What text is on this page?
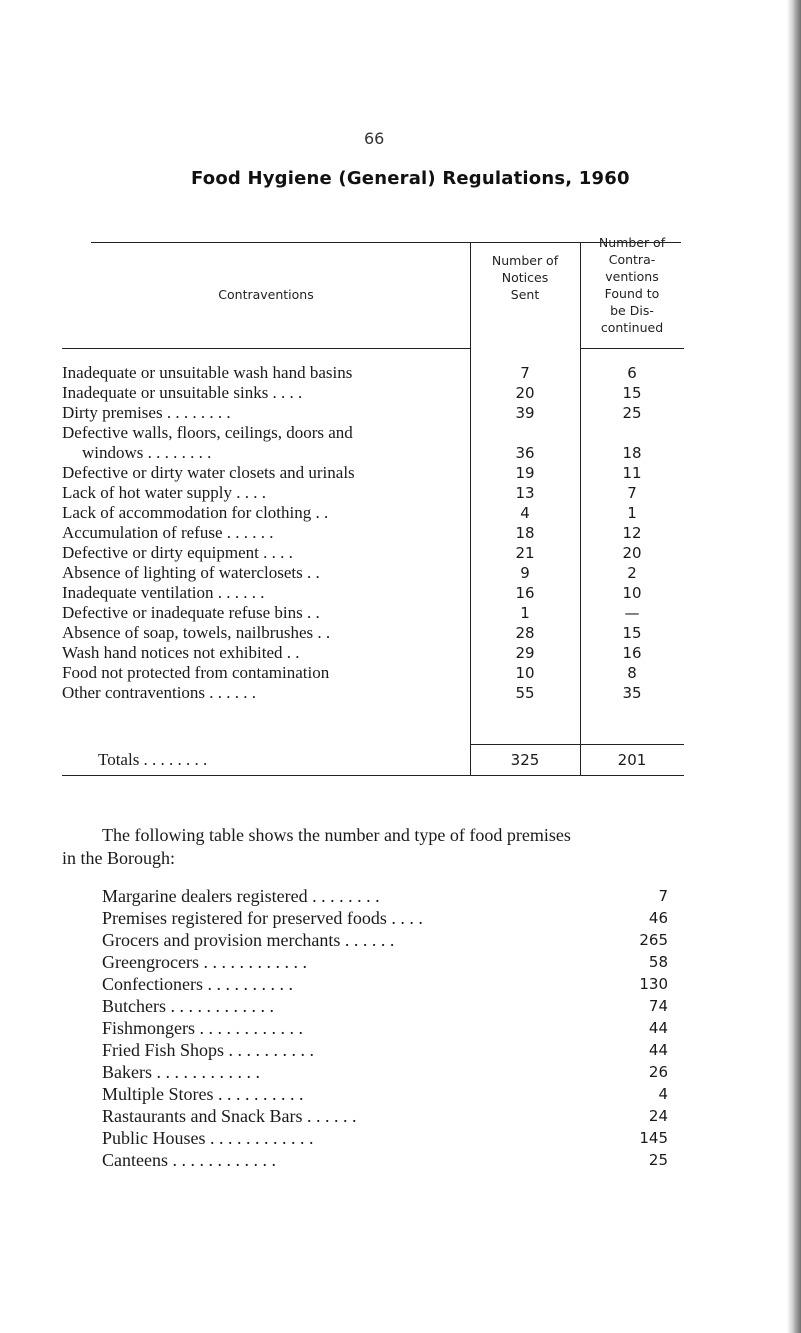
66
Food Hygiene (General) Regulations, 1960
Contraventions
Number of
Notices
Sent
Number of
Contra-
ventions
Found to
be Dis-
continued
Inadequate or unsuitable wash hand basins	7	6
Inadequate or unsuitable sinks . . . .	20	15
Dirty premises . . . . . . . .	39	25
Defective walls, floors, ceilings, doors and
windows . . . . . . . .	36	18
Defective or dirty water closets and urinals	19	11
Lack of hot water supply . . . .	13	7
Lack of accommodation for clothing . .	4	1
Accumulation of refuse . . . . . .	18	12
Defective or dirty equipment . . . .	21	20
Absence of lighting of waterclosets . .	9	2
Inadequate ventilation . . . . . .	16	10
Defective or inadequate refuse bins . .	1	—
Absence of soap, towels, nailbrushes . .	28	15
Wash hand notices not exhibited . .	29	16
Food not protected from contamination	10	8
Other contraventions . . . . . .	55	35
Totals . . . . . . . .	325	201
The following table shows the number and type of food premises
in the Borough:
Margarine dealers registered . . . . . . . .	7
Premises registered for preserved foods . . . .	46
Grocers and provision merchants . . . . . .	265
Greengrocers . . . . . . . . . . . .	58
Confectioners . . . . . . . . . .	130
Butchers . . . . . . . . . . . .	74
Fishmongers . . . . . . . . . . . .	44
Fried Fish Shops . . . . . . . . . .	44
Bakers . . . . . . . . . . . .	26
Multiple Stores . . . . . . . . . .	4
Rastaurants and Snack Bars . . . . . .	24
Public Houses . . . . . . . . . . . .	145
Canteens . . . . . . . . . . . .	25
